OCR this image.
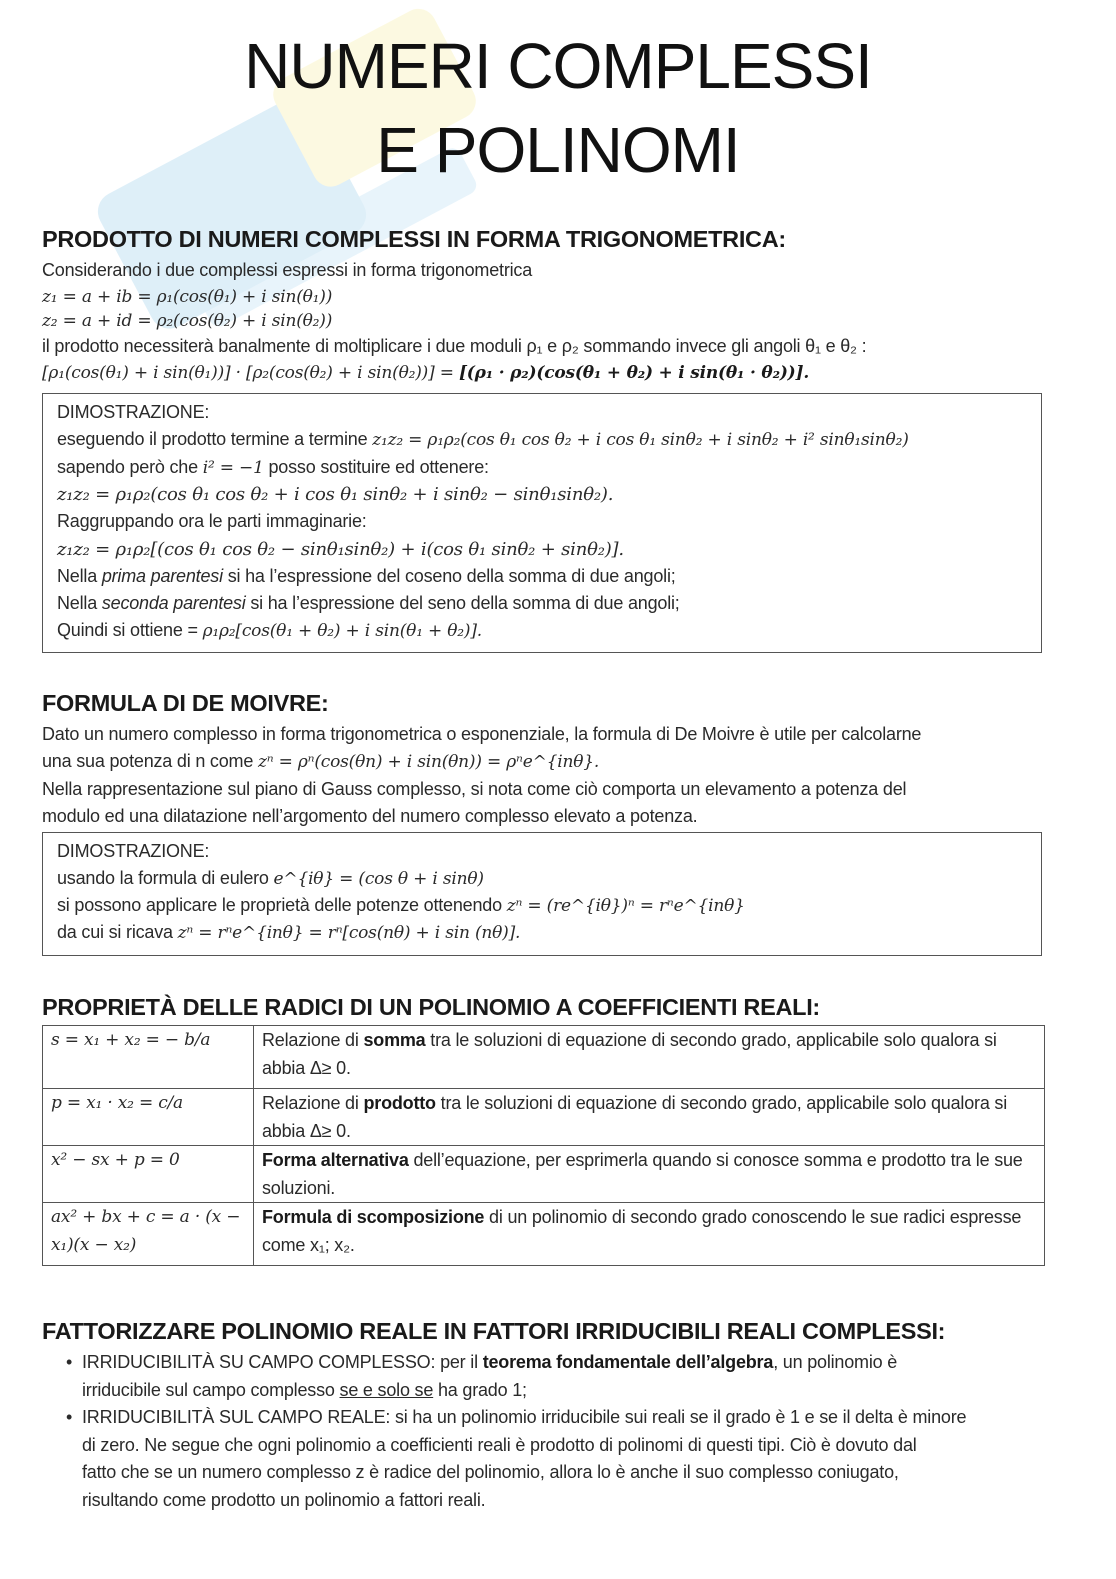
NUMERI COMPLESSI
E POLINOMI
PRODOTTO DI NUMERI COMPLESSI IN FORMA TRIGONOMETRICA:
Considerando i due complessi espressi in forma trigonometrica
z₁ = a + ib = ρ₁(cos(θ₁) + i sin(θ₁))
z₂ = a + id = ρ₂(cos(θ₂) + i sin(θ₂))
il prodotto necessiterà banalmente di moltiplicare i due moduli ρ₁ e ρ₂ sommando invece gli angoli θ₁ e θ₂ :
[ρ₁(cos(θ₁) + i sin(θ₁))] · [ρ₂(cos(θ₂) + i sin(θ₂))] = [(ρ₁ · ρ₂)(cos(θ₁ + θ₂) + i sin(θ₁ · θ₂))].
DIMOSTRAZIONE:
eseguendo il prodotto termine a termine z₁z₂ = ρ₁ρ₂(cos θ₁ cos θ₂ + i cos θ₁ sinθ₂ + i sinθ₂ + i² sinθ₁sinθ₂)
sapendo però che i² = −1 posso sostituire ed ottenere:
z₁z₂ = ρ₁ρ₂(cos θ₁ cos θ₂ + i cos θ₁ sinθ₂ + i sinθ₂ − sinθ₁sinθ₂).
Raggruppando ora le parti immaginarie:
z₁z₂ = ρ₁ρ₂[(cos θ₁ cos θ₂ − sinθ₁sinθ₂) + i(cos θ₁ sinθ₂ + sinθ₂)].
Nella prima parentesi si ha l’espressione del coseno della somma di due angoli;
Nella seconda parentesi si ha l’espressione del seno della somma di due angoli;
Quindi si ottiene = ρ₁ρ₂[cos(θ₁ + θ₂) + i sin(θ₁ + θ₂)].
FORMULA DI DE MOIVRE:
Dato un numero complesso in forma trigonometrica o esponenziale, la formula di De Moivre è utile per calcolarne
una sua potenza di n come zⁿ = ρⁿ(cos(θn) + i sin(θn)) = ρⁿe^{inθ}.
Nella rappresentazione sul piano di Gauss complesso, si nota come ciò comporta un elevamento a potenza del
modulo ed una dilatazione nell’argomento del numero complesso elevato a potenza.
DIMOSTRAZIONE:
usando la formula di eulero e^{iθ} = (cos θ + i sinθ)
si possono applicare le proprietà delle potenze ottenendo zⁿ = (re^{iθ})ⁿ = rⁿe^{inθ}
da cui si ricava zⁿ = rⁿe^{inθ} = rⁿ[cos(nθ) + i sin (nθ)].
PROPRIETÀ DELLE RADICI DI UN POLINOMIO A COEFFICIENTI REALI:
s = x₁ + x₂ = − b/a	Relazione di somma tra le soluzioni di equazione di secondo grado, applicabile solo qualora si abbia Δ≥ 0.
p = x₁ · x₂ = c/a	Relazione di prodotto tra le soluzioni di equazione di secondo grado, applicabile solo qualora si abbia Δ≥ 0.
x² − sx + p = 0	Forma alternativa dell’equazione, per esprimerla quando si conosce somma e prodotto tra le sue soluzioni.
ax² + bx + c = a · (x − x₁)(x − x₂)	Formula di scomposizione di un polinomio di secondo grado conoscendo le sue radici espresse come x₁; x₂.
FATTORIZZARE POLINOMIO REALE IN FATTORI IRRIDUCIBILI REALI COMPLESSI:
• IRRIDUCIBILITÀ SU CAMPO COMPLESSO: per il teorema fondamentale dell’algebra, un polinomio è
irriducibile sul campo complesso se e solo se ha grado 1;
• IRRIDUCIBILITÀ SUL CAMPO REALE: si ha un polinomio irriducibile sui reali se il grado è 1 e se il delta è minore
di zero. Ne segue che ogni polinomio a coefficienti reali è prodotto di polinomi di questi tipi. Ciò è dovuto dal
fatto che se un numero complesso z è radice del polinomio, allora lo è anche il suo complesso coniugato,
risultando come prodotto un polinomio a fattori reali.
